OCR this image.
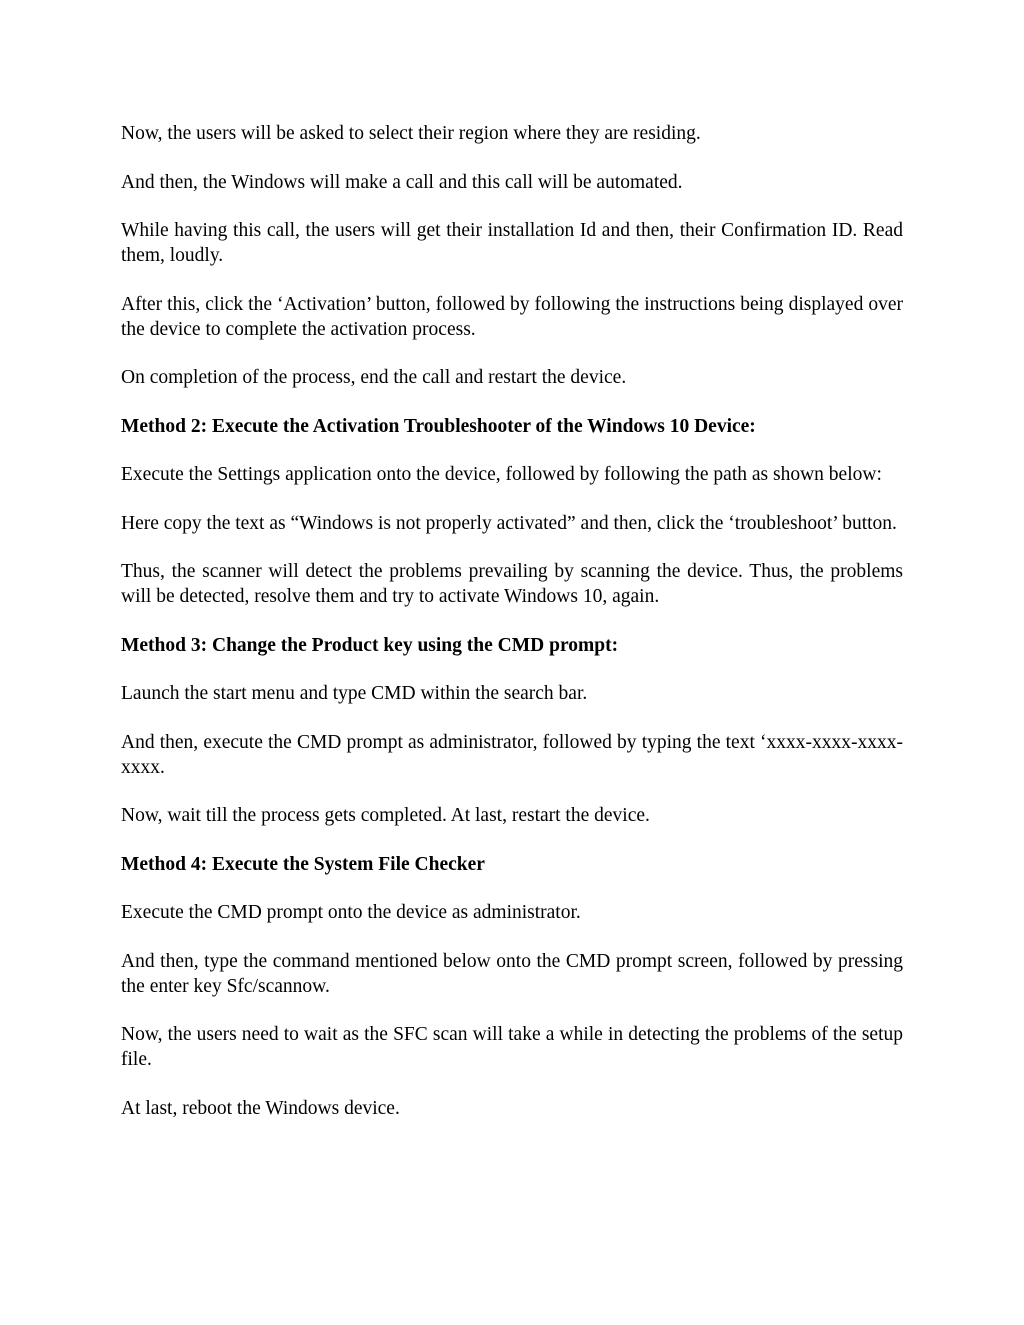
Now, the users will be asked to select their region where they are residing.

And then, the Windows will make a call and this call will be automated.

While having this call, the users will get their installation Id and then, their Confirmation ID. Read them, loudly.

After this, click the ‘Activation’ button, followed by following the instructions being displayed over the device to complete the activation process.

On completion of the process, end the call and restart the device.

Method 2: Execute the Activation Troubleshooter of the Windows 10 Device:

Execute the Settings application onto the device, followed by following the path as shown below:

Here copy the text as “Windows is not properly activated” and then, click the ‘troubleshoot’ button.

Thus, the scanner will detect the problems prevailing by scanning the device. Thus, the problems will be detected, resolve them and try to activate Windows 10, again.

Method 3: Change the Product key using the CMD prompt:

Launch the start menu and type CMD within the search bar.

And then, execute the CMD prompt as administrator, followed by typing the text ‘xxxx-xxxx-xxxx-xxxx.

Now, wait till the process gets completed. At last, restart the device.

Method 4: Execute the System File Checker

Execute the CMD prompt onto the device as administrator.

And then, type the command mentioned below onto the CMD prompt screen, followed by pressing the enter key Sfc/scannow.

Now, the users need to wait as the SFC scan will take a while in detecting the problems of the setup file.

At last, reboot the Windows device.
